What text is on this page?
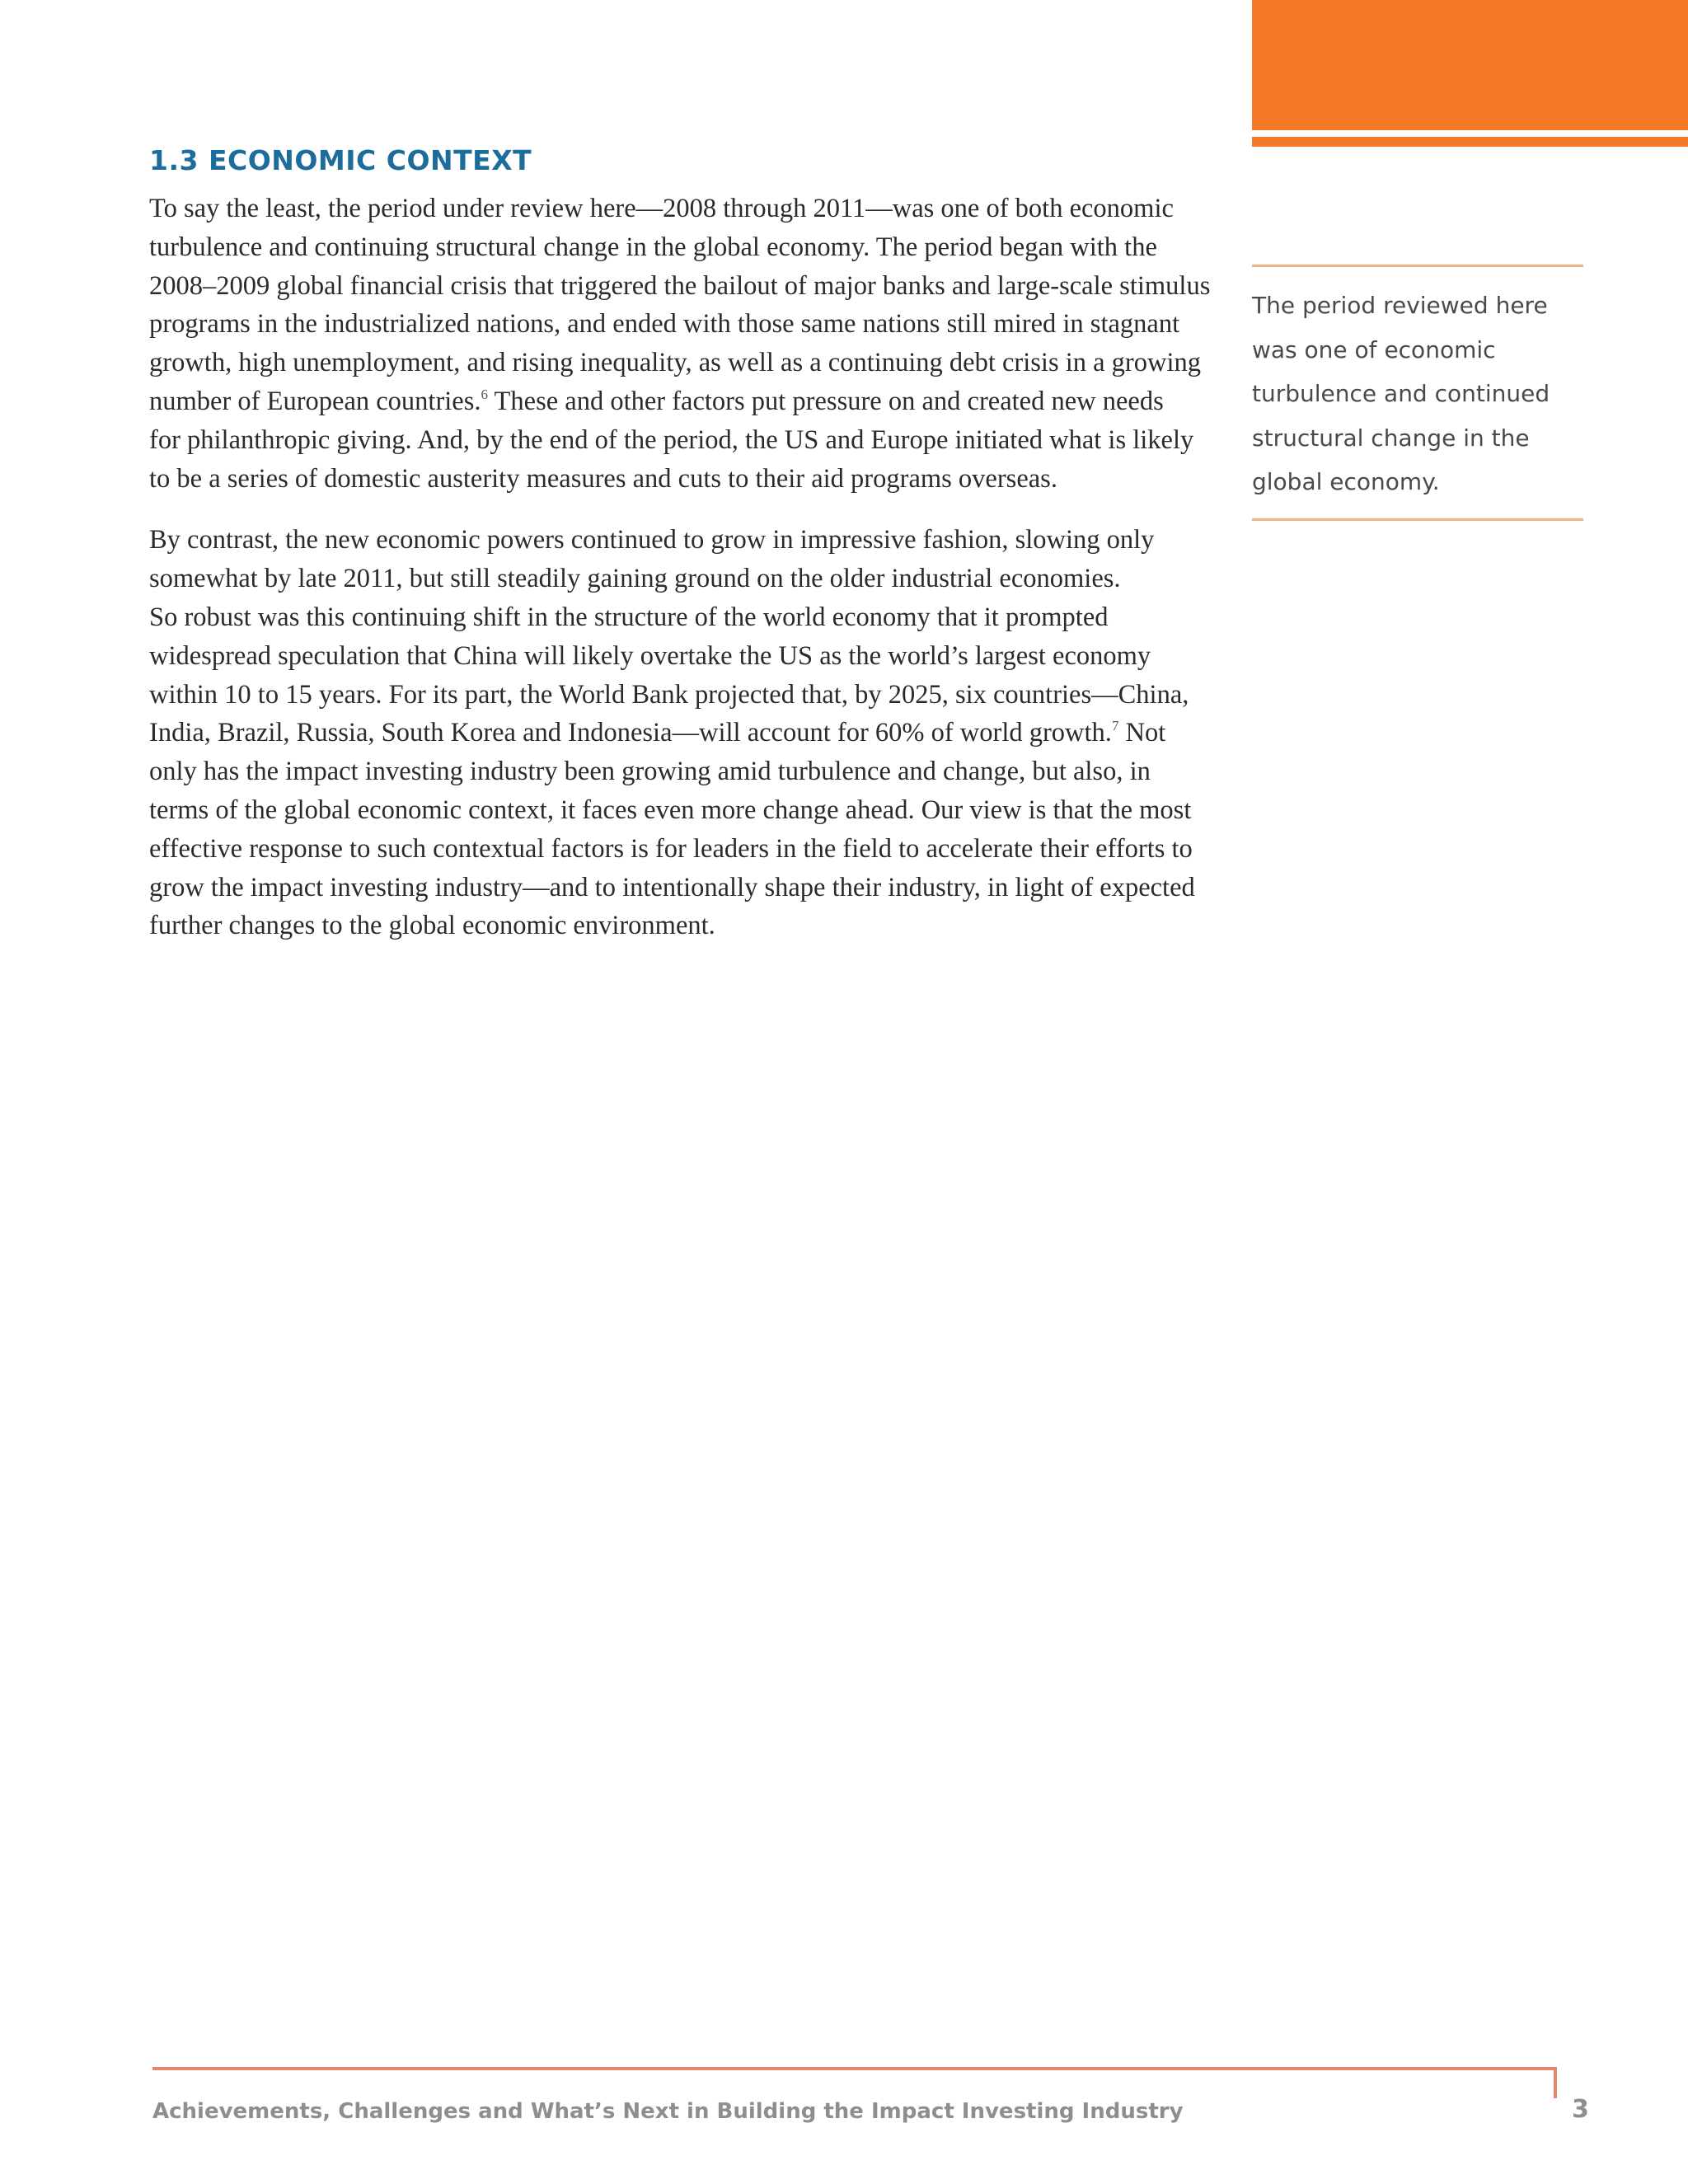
1.3 ECONOMIC CONTEXT

To say the least, the period under review here—2008 through 2011—was one of both economic
turbulence and continuing structural change in the global economy. The period began with the
2008–2009 global financial crisis that triggered the bailout of major banks and large-scale stimulus
programs in the industrialized nations, and ended with those same nations still mired in stagnant
growth, high unemployment, and rising inequality, as well as a continuing debt crisis in a growing
number of European countries.$^6$ These and other factors put pressure on and created new needs
for philanthropic giving. And, by the end of the period, the US and Europe initiated what is likely
to be a series of domestic austerity measures and cuts to their aid programs overseas.

By contrast, the new economic powers continued to grow in impressive fashion, slowing only
somewhat by late 2011, but still steadily gaining ground on the older industrial economies.
So robust was this continuing shift in the structure of the world economy that it prompted
widespread speculation that China will likely overtake the US as the world’s largest economy
within 10 to 15 years. For its part, the World Bank projected that, by 2025, six countries—China,
India, Brazil, Russia, South Korea and Indonesia—will account for 60% of world growth.$^7$ Not
only has the impact investing industry been growing amid turbulence and change, but also, in
terms of the global economic context, it faces even more change ahead. Our view is that the most
effective response to such contextual factors is for leaders in the field to accelerate their efforts to
grow the impact investing industry—and to intentionally shape their industry, in light of expected
further changes to the global economic environment.

The period reviewed here
was one of economic
turbulence and continued
structural change in the
global economy.
Achievements, Challenges and What’s Next in Building the Impact Investing Industry	3
